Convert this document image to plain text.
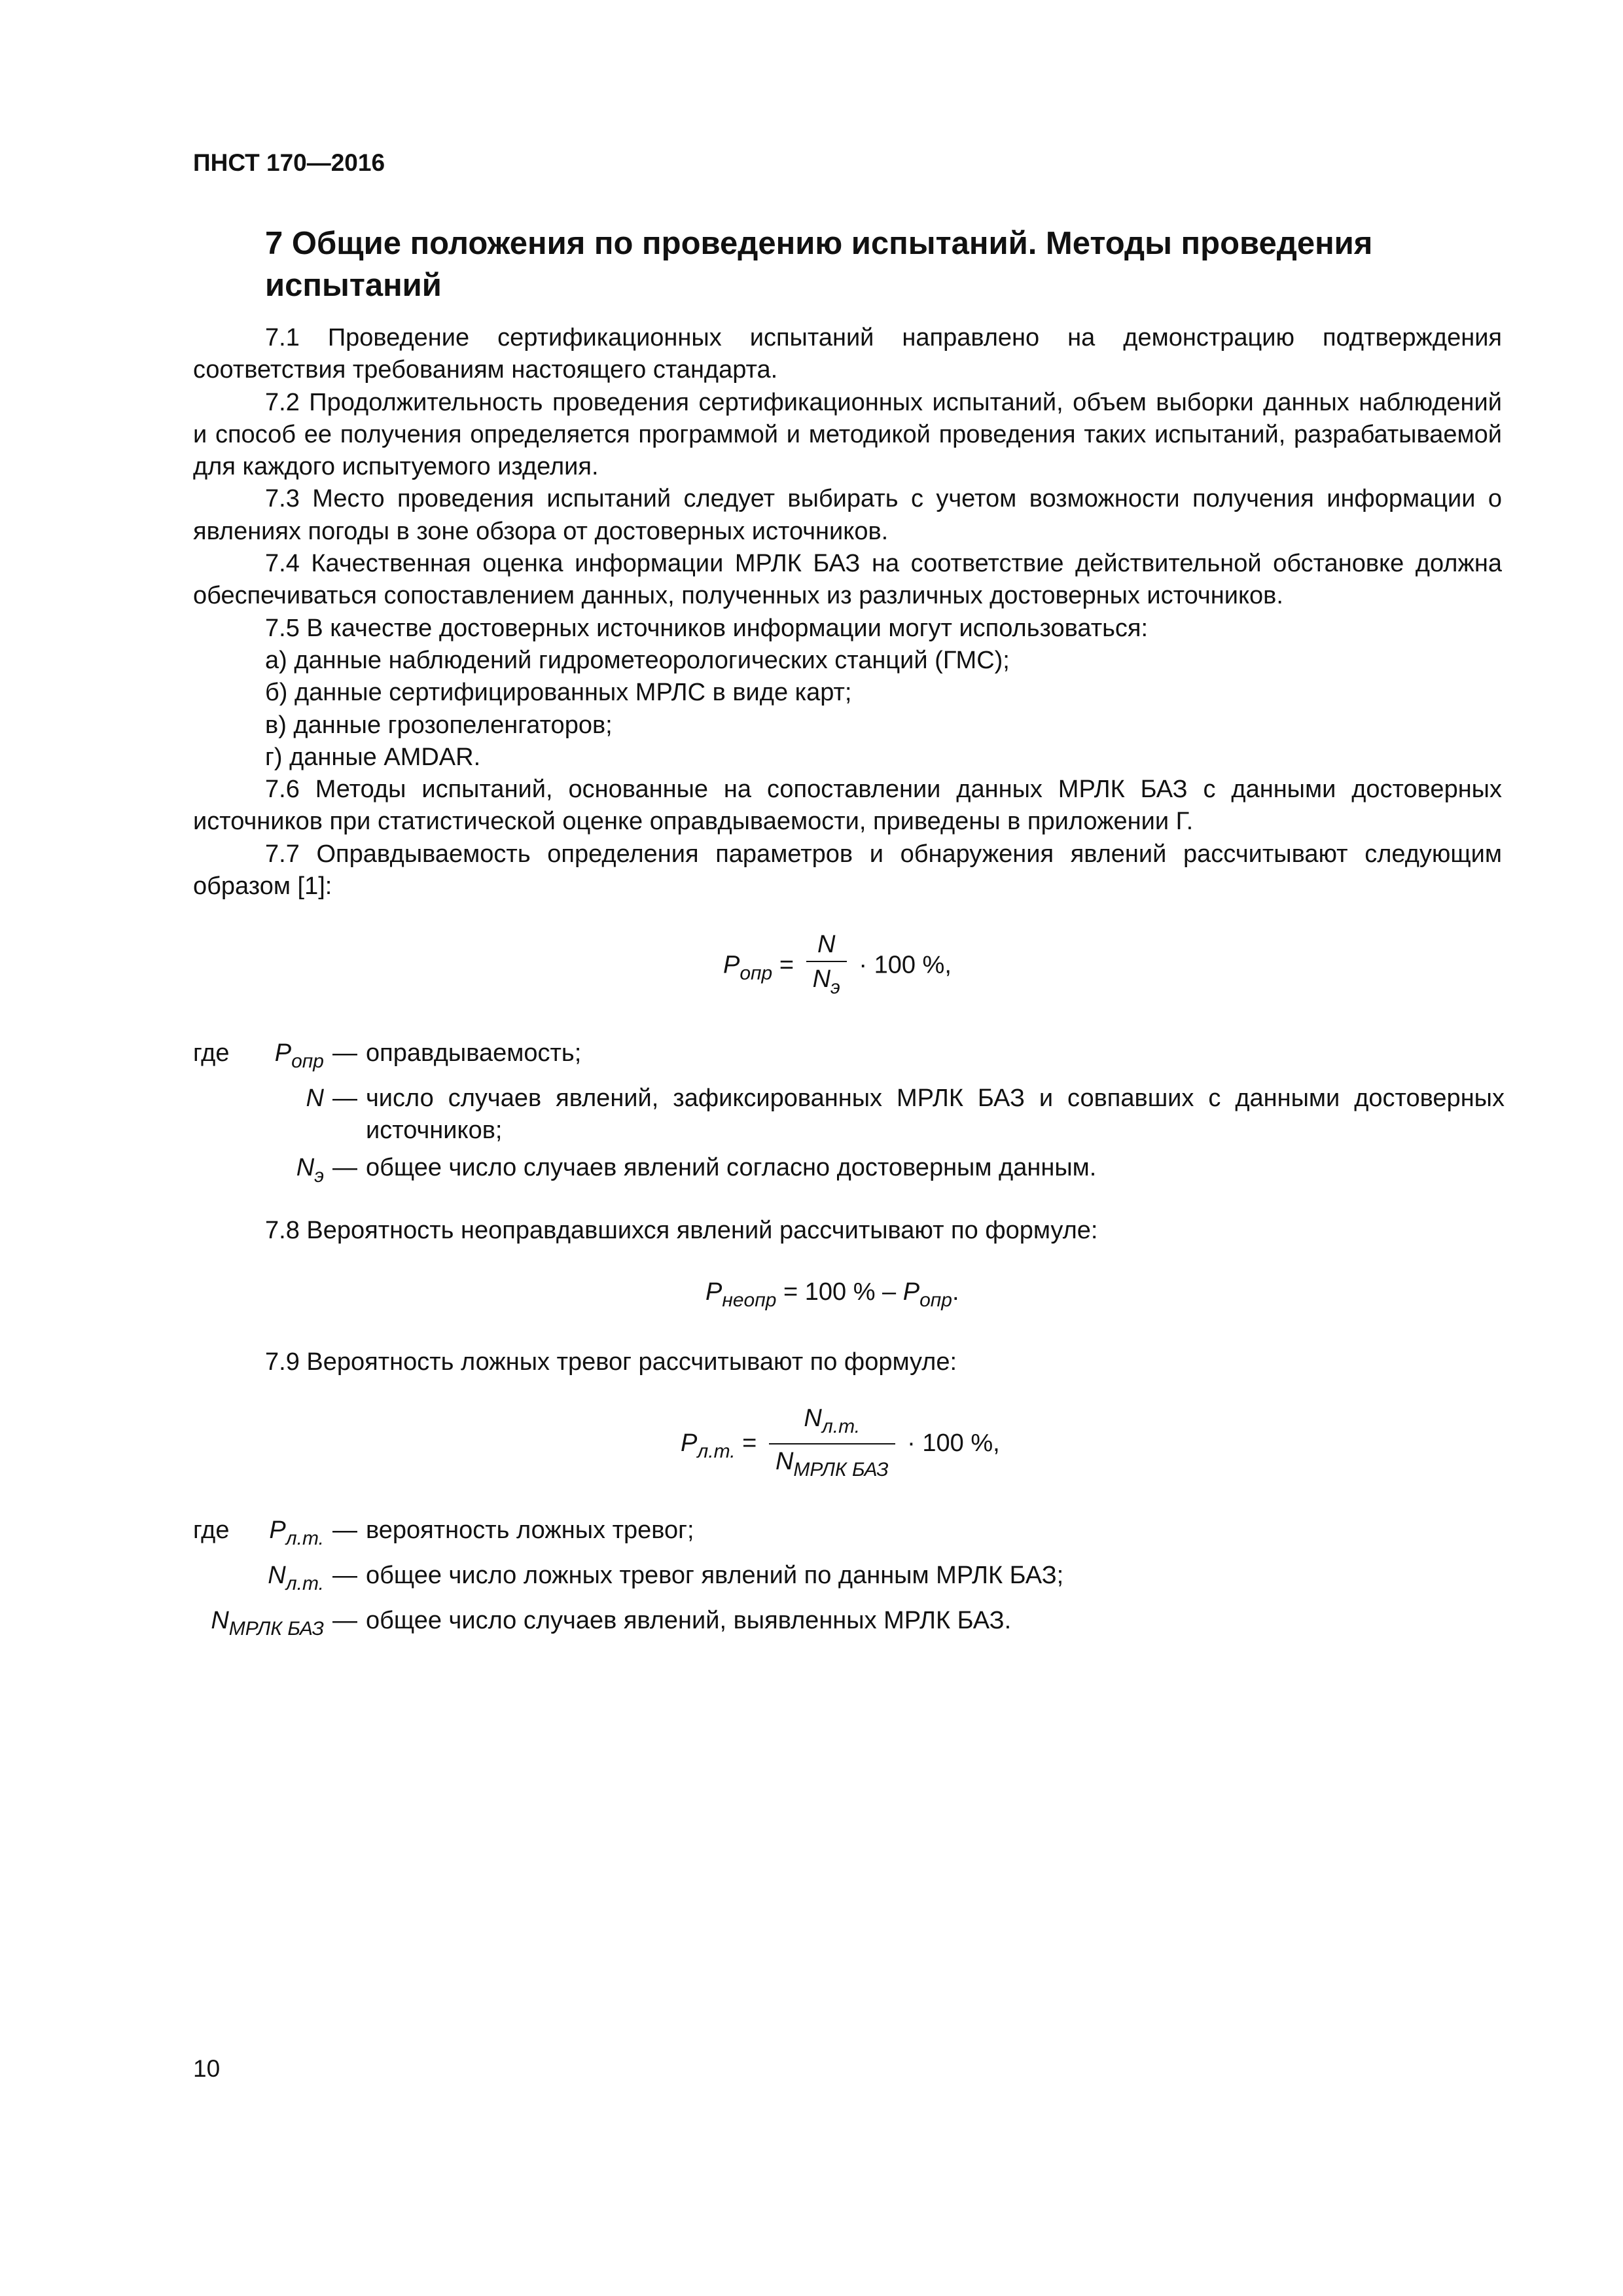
ПНСТ 170—2016
7 Общие положения по проведению испытаний. Методы проведения испытаний

7.1 Проведение сертификационных испытаний направлено на демонстрацию подтверждения соответствия требованиям настоящего стандарта.

7.2 Продолжительность проведения сертификационных испытаний, объем выборки данных наблюдений и способ ее получения определяется программой и методикой проведения таких испытаний, разрабатываемой для каждого испытуемого изделия.

7.3 Место проведения испытаний следует выбирать с учетом возможности получения информации о явлениях погоды в зоне обзора от достоверных источников.

7.4 Качественная оценка информации МРЛК БАЗ на соответствие действительной обстановке должна обеспечиваться сопоставлением данных, полученных из различных достоверных источников.

7.5 В качестве достоверных источников информации могут использоваться:

а) данные наблюдений гидрометеорологических станций (ГМС);

б) данные сертифицированных МРЛС в виде карт;

в) данные грозопеленгаторов;

г) данные AMDAR.

7.6 Методы испытаний, основанные на сопоставлении данных МРЛК БАЗ с данными достоверных источников при статистической оценке оправдываемости, приведены в приложении Г.

7.7 Оправдываемость определения параметров и обнаружения явлений рассчитывают следующим образом [1]:

$P_{опр} = \frac{N}{N_э} \cdot 100$ %,
где	$P_{опр}$ — оправдываемость;
N — число случаев явлений, зафиксированных МРЛК БАЗ и совпавших с данными достоверных источников;
$N_э$ — общее число случаев явлений согласно достоверным данным.

7.8 Вероятность неоправдавшихся явлений рассчитывают по формуле:

$P_{неопр} = 100$ % – $P_{опр}$.

7.9 Вероятность ложных тревог рассчитывают по формуле:

$P_{л.т.} = \frac{N_{л.т.}}{N_{МРЛК БАЗ}} \cdot 100$ %,
где	$P_{л.т.}$ — вероятность ложных тревог;
$N_{л.т.}$ — общее число ложных тревог явлений по данным МРЛК БАЗ;
$N_{МРЛК БАЗ}$ — общее число случаев явлений, выявленных МРЛК БАЗ.
10
